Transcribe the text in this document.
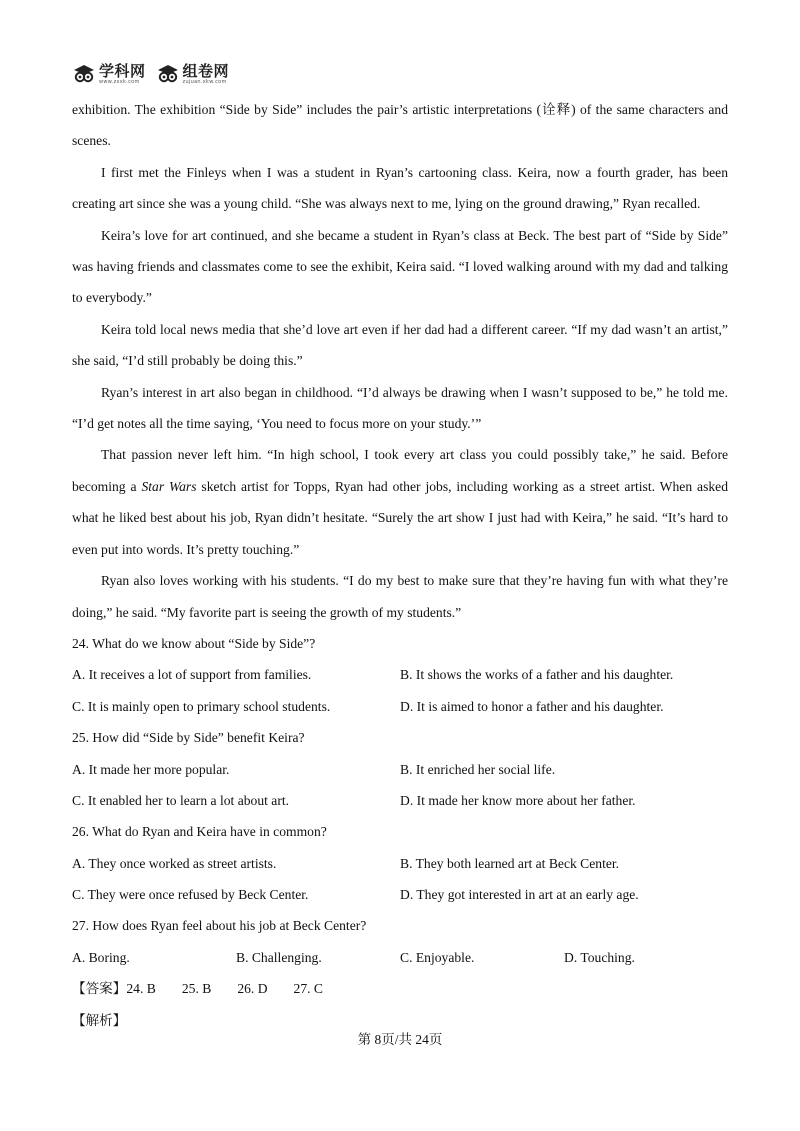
学科网
www.zxxk.com
组卷网
zujuan.xkw.com

exhibition. The exhibition “Side by Side” includes the pair’s artistic interpretations (诠释) of the same characters and scenes.

I first met the Finleys when I was a student in Ryan’s cartooning class. Keira, now a fourth grader, has been creating art since she was a young child. “She was always next to me, lying on the ground drawing,” Ryan recalled.

Keira’s love for art continued, and she became a student in Ryan’s class at Beck. The best part of “Side by Side” was having friends and classmates come to see the exhibit, Keira said. “I loved walking around with my dad and talking to everybody.”

Keira told local news media that she’d love art even if her dad had a different career. “If my dad wasn’t an artist,” she said, “I’d still probably be doing this.”

Ryan’s interest in art also began in childhood. “I’d always be drawing when I wasn’t supposed to be,” he told me. “I’d get notes all the time saying, ‘You need to focus more on your study.’”

That passion never left him. “In high school, I took every art class you could possibly take,” he said. Before becoming a Star Wars sketch artist for Topps, Ryan had other jobs, including working as a street artist. When asked what he liked best about his job, Ryan didn’t hesitate. “Surely the art show I just had with Keira,” he said. “It’s hard to even put into words. It’s pretty touching.”

Ryan also loves working with his students. “I do my best to make sure that they’re having fun with what they’re doing,” he said. “My favorite part is seeing the growth of my students.”

24. What do we know about “Side by Side”?

A. It receives a lot of support from families.	B. It shows the works of a father and his daughter.
C. It is mainly open to primary school students.	D. It is aimed to honor a father and his daughter.

25. How did “Side by Side” benefit Keira?

A. It made her more popular.	B. It enriched her social life.
C. It enabled her to learn a lot about art.	D. It made her know more about her father.

26. What do Ryan and Keira have in common?

A. They once worked as street artists.	B. They both learned art at Beck Center.
C. They were once refused by Beck Center.	D. They got interested in art at an early age.

27. How does Ryan feel about his job at Beck Center?

A. Boring.	B. Challenging.	C. Enjoyable.	D. Touching.

【答案】24. B 25. B 26. D 27. C

【解析】

第 8页/共 24页
